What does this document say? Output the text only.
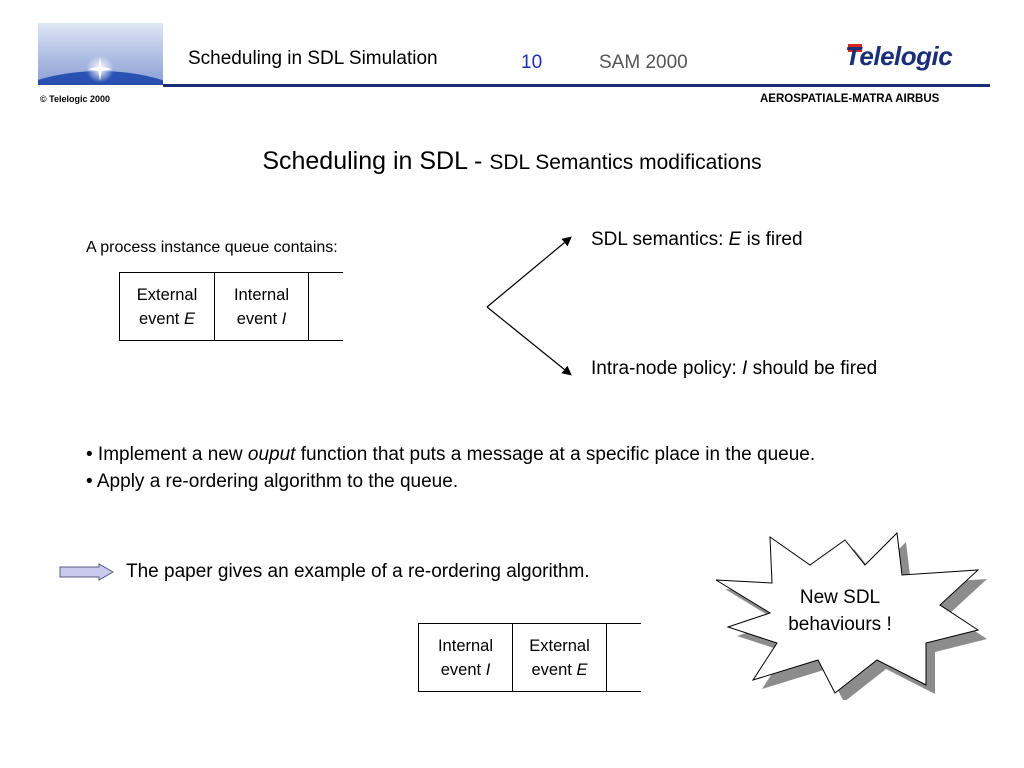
Scheduling in SDL Simulation	10	SAM 2000	Telelogic
© Telelogic 2000	AEROSPATIALE-MATRA AIRBUS
Scheduling in SDL - SDL Semantics modifications
A process instance queue contains:
External
event E
Internal
event I
SDL semantics: E is fired
Intra-node policy: I should be fired
• Implement a new ouput function that puts a message at a specific place in the queue.
• Apply a re-ordering algorithm to the queue.
The paper gives an example of a re-ordering algorithm.
Internal
event I
External
event E
New SDL
behaviours !
